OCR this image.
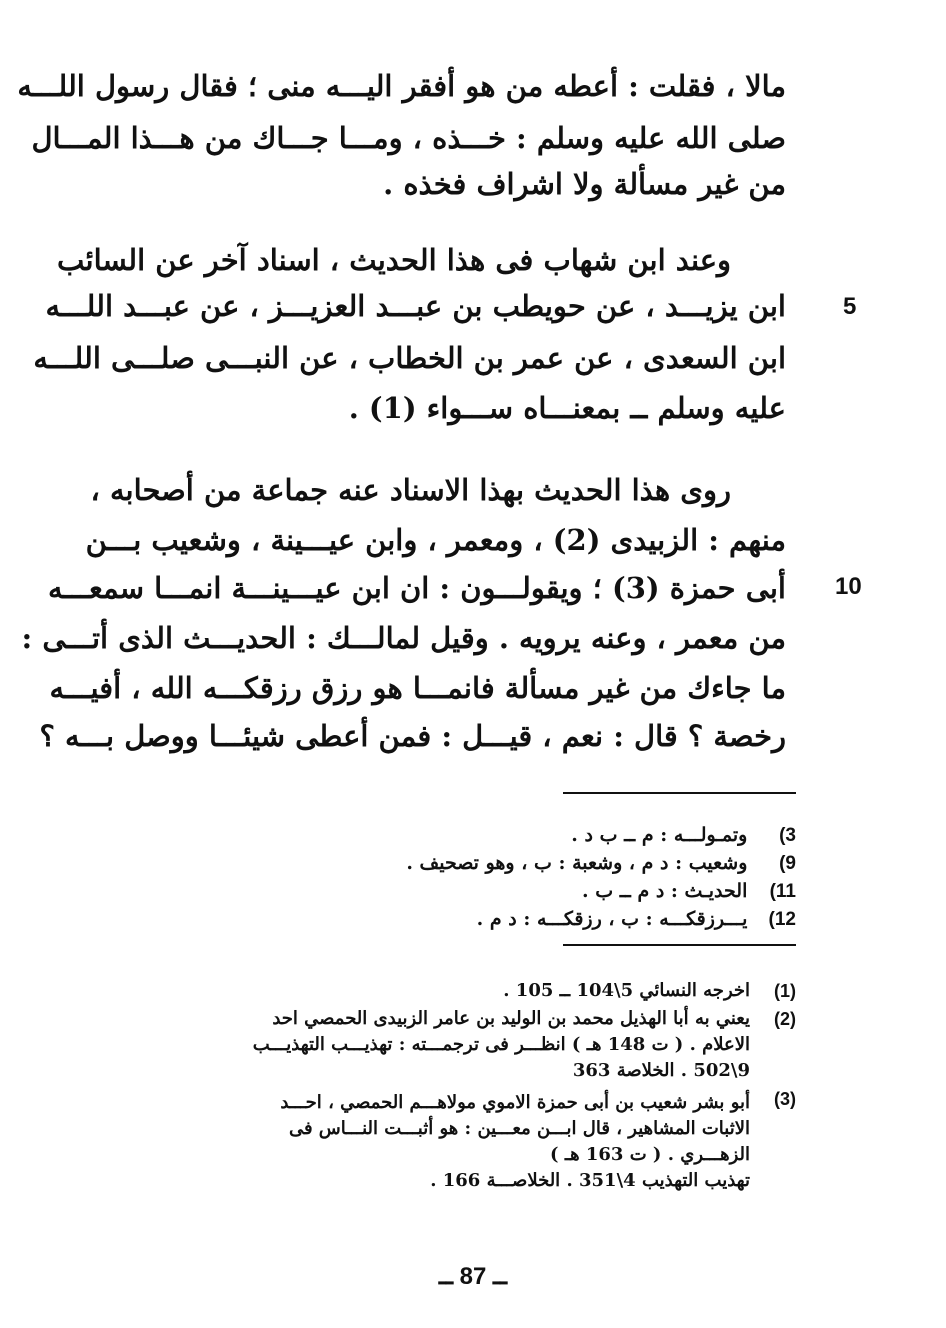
مالا ، فقلت : أعطه من هو أفقر اليـــه منى ؛ فقال رسول اللـــه
صلى الله عليه وسلم : خـــذه ، ومـــا جـــاك من هـــذا المـــال
من غير مسألة ولا اشراف فخذه .
وعند ابن شهاب فى هذا الحديث ، اسناد آخر عن السائب
ابن يزيـــد ، عن حويطب بن عبـــد العزيـــز ، عن عبـــد اللـــه
ابن السعدى ، عن عمر بن الخطاب ، عن النبـــى صلـــى اللـــه
عليه وسلم ــ بمعنـــاه ســـواء (1) .
روى هذا الحديث بهذا الاسناد عنه جماعة من أصحابه ،
منهم : الزبيدى (2) ، ومعمر ، وابن عيـــينة ، وشعيب بـــن
أبى حمزة (3) ؛ ويقولـــون : ان ابن عيـــينـــة انمـــا سمعـــه
من معمر ، وعنه يرويه . وقيل لمالـــك : الحديـــث الذى أتـــى :
ما جاءك من غير مسألة فانمـــا هو رزق رزقكـــه الله ، أفيـــه
رخصة ؟ قال : نعم ، قيـــل : فمن أعطى شيئـــا ووصل بـــه ؟
5
10
3) وتمـولـــه : م ــ ب د .
9) وشعيب : د م ، وشعبة : ب ، وهو تصحيف .
11) الحديـث : د م ــ ب .
12) يـــرزقكـــه : ب ، رزقكـــه : د م .
(1)
اخرجه النسائي 5\104 ــ 105 .
(2)
يعني به أبا الهذيل محمد بن الوليد بن عامر الزبيدى الحمصي احد
الاعلام . ( ت 148 هـ ) انظـــر فى ترجمـــته : تهذيـــب التهذيـــب
9\502 . الخلاصة 363
(3)
أبو بشر شعيب بن أبى حمزة الاموي مولاهـــم الحمصي ، احـــد
الاثبات المشاهير ، قال ابـــن معـــين : هو أثبـــت النـــاس فى
الزهـــري . ( ت 163 هـ )
تهذيب التهذيب 4\351 . الخلاصـــة 166 .
ــ 87 ــ
